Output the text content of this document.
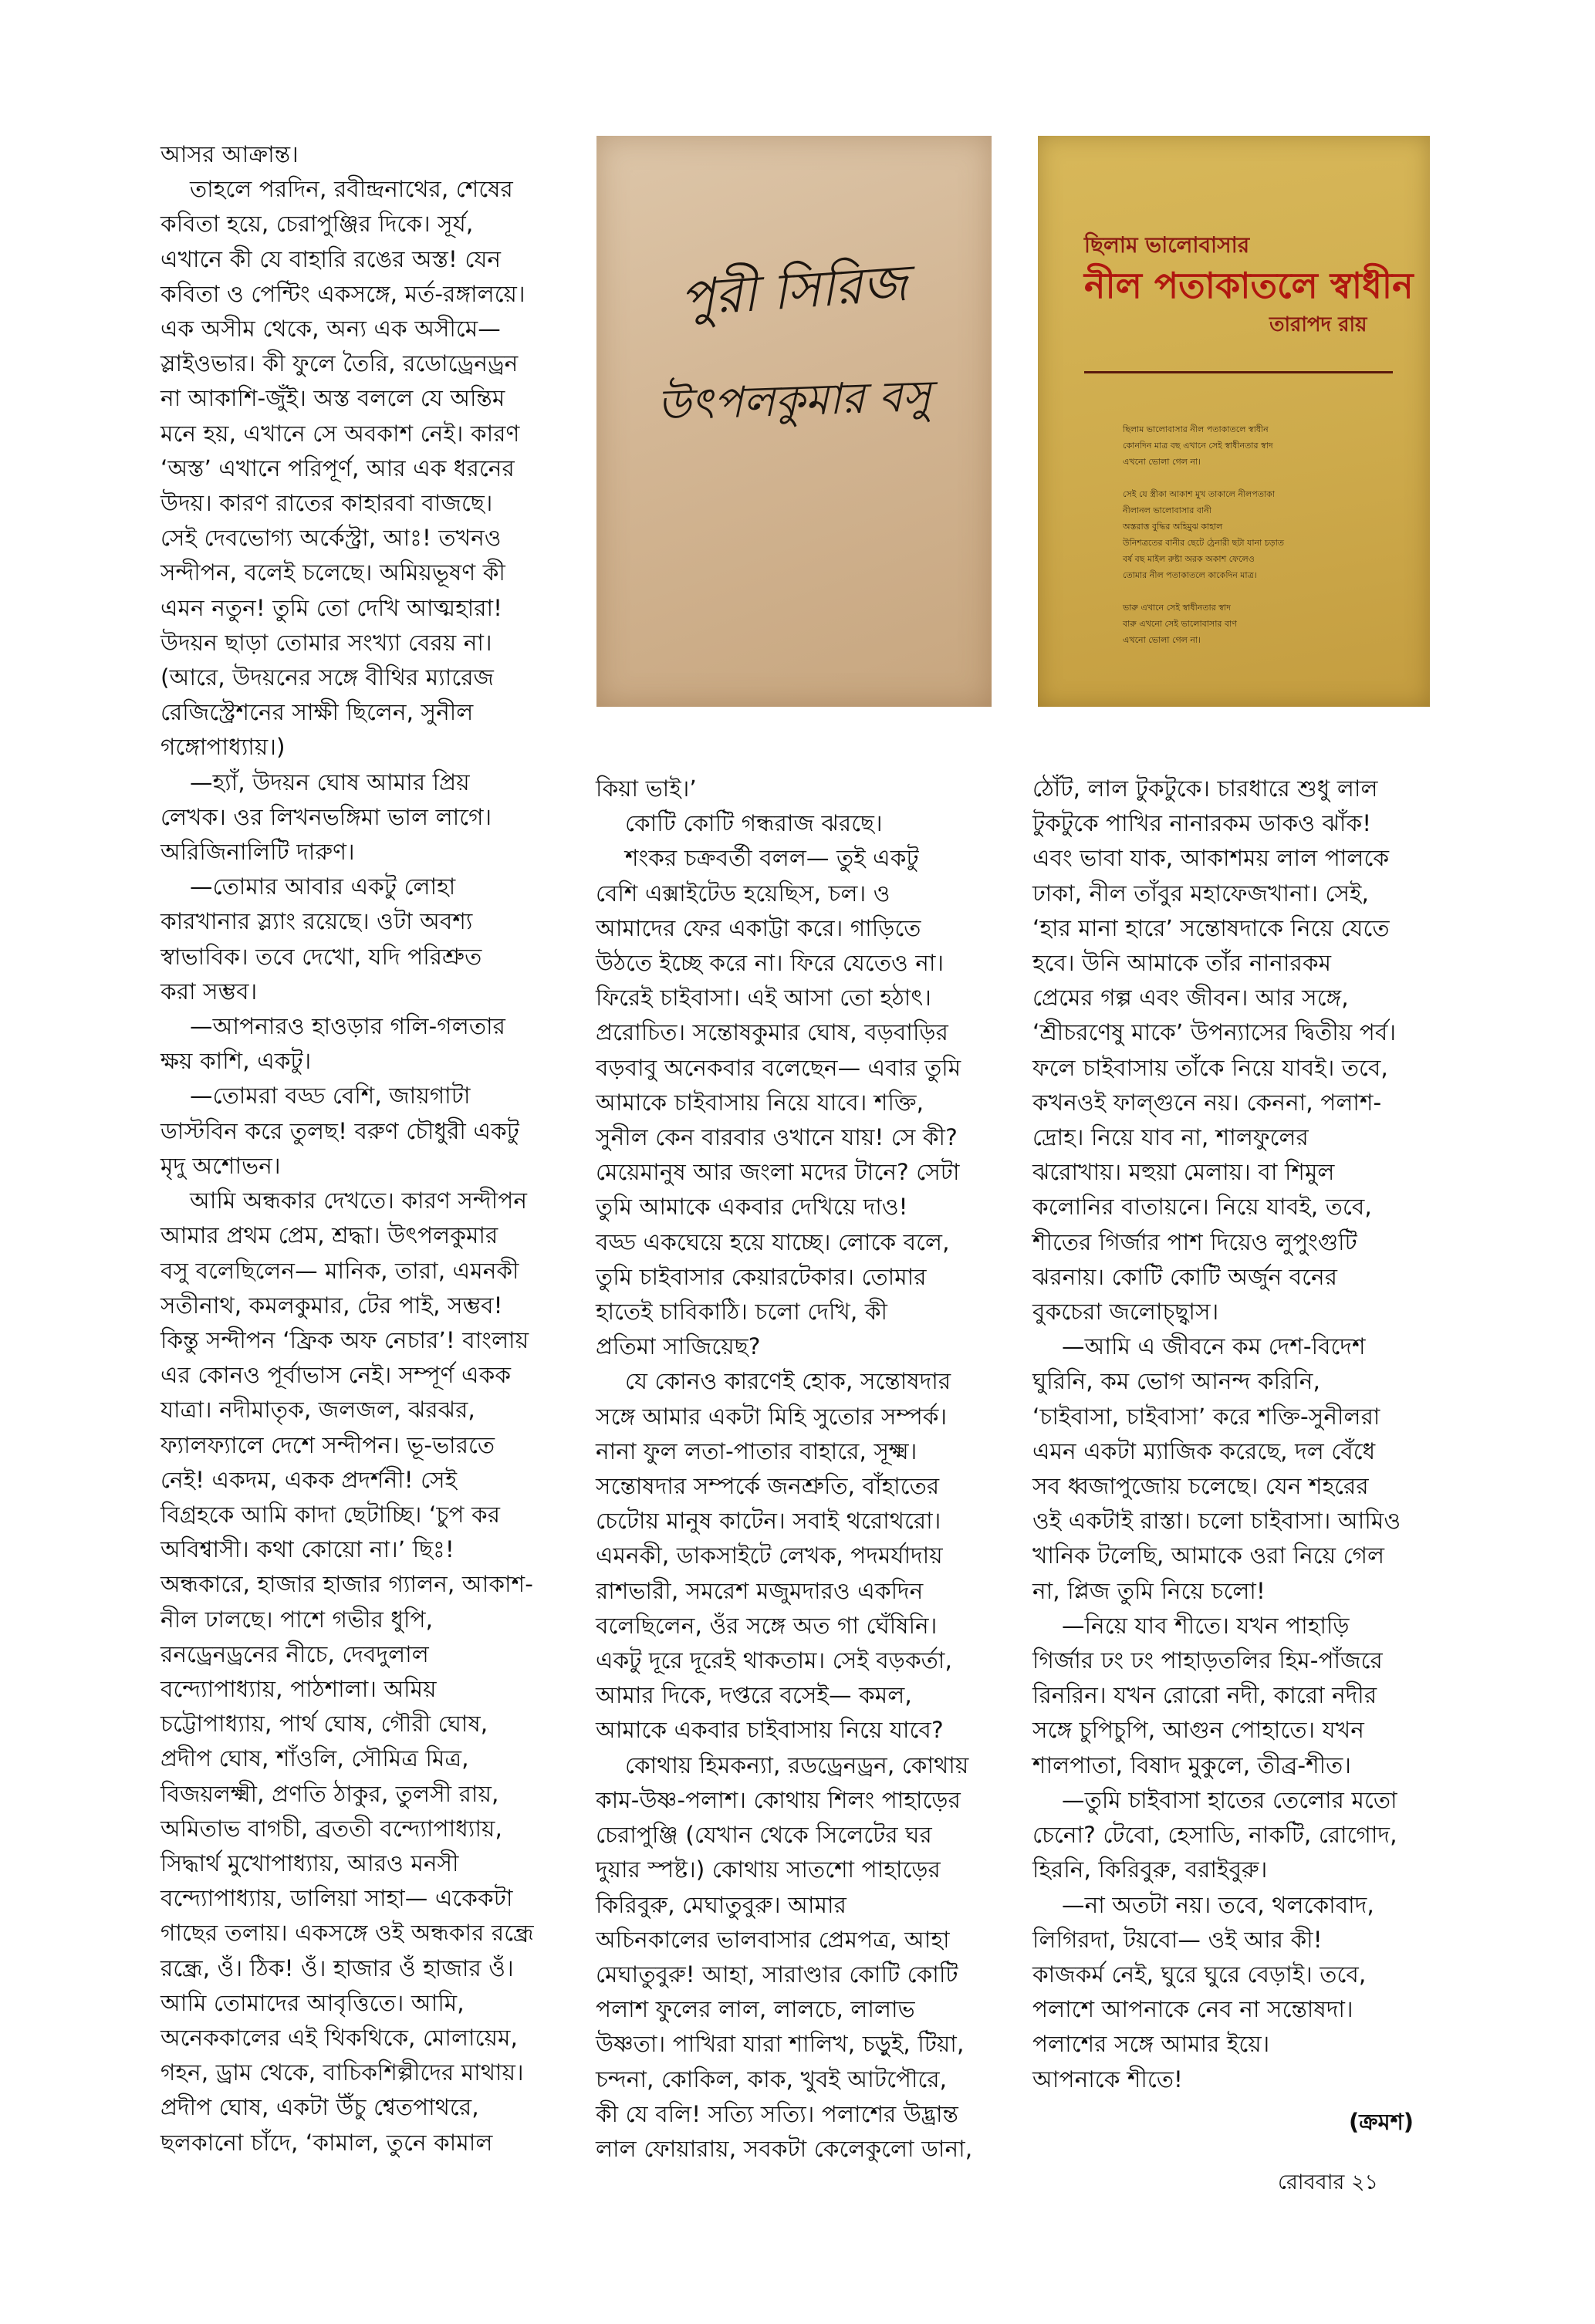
আসর আক্রান্ত।

তাহলে পরদিন, রবীন্দ্রনাথের, শেষের

কবিতা হয়ে, চেরাপুঞ্জির দিকে। সূর্য,

এখানে কী যে বাহারি রঙের অস্ত! যেন

কবিতা ও পেন্টিং একসঙ্গে, মর্ত-রঙ্গালয়ে।

এক অসীম থেকে, অন্য এক অসীমে—

স্লাইওভার। কী ফুলে তৈরি, রডোড্রেনড্রন

না আকাশি-জুঁই। অস্ত বললে যে অন্তিম

মনে হয়, এখানে সে অবকাশ নেই। কারণ

‘অস্ত’ এখানে পরিপূর্ণ, আর এক ধরনের

উদয়। কারণ রাতের কাহারবা বাজছে।

সেই দেবভোগ্য অর্কেস্ট্রা, আঃ! তখনও

সন্দীপন, বলেই চলেছে। অমিয়ভূষণ কী

এমন নতুন! তুমি তো দেখি আত্মহারা!

উদয়ন ছাড়া তোমার সংখ্যা বেরয় না।

(আরে, উদয়নের সঙ্গে বীথির ম্যারেজ

রেজিস্ট্রেশনের সাক্ষী ছিলেন, সুনীল

গঙ্গোপাধ্যায়।)

—হ্যাঁ, উদয়ন ঘোষ আমার প্রিয়

লেখক। ওর লিখনভঙ্গিমা ভাল লাগে।

অরিজিনালিটি দারুণ।

—তোমার আবার একটু লোহা

কারখানার স্ল্যাং রয়েছে। ওটা অবশ্য

স্বাভাবিক। তবে দেখো, যদি পরিশ্রুত

করা সম্ভব।

—আপনারও হাওড়ার গলি-গলতার

ক্ষয় কাশি, একটু।

—তোমরা বড্ড বেশি, জায়গাটা

ডাস্টবিন করে তুলছ! বরুণ চৌধুরী একটু

মৃদু অশোভন।

আমি অন্ধকার দেখতে। কারণ সন্দীপন

আমার প্রথম প্রেম, শ্রদ্ধা। উৎপলকুমার

বসু বলেছিলেন— মানিক, তারা, এমনকী

সতীনাথ, কমলকুমার, টের পাই, সম্ভব!

কিন্তু সন্দীপন ‘ফ্রিক অফ নেচার’! বাংলায়

এর কোনও পূর্বাভাস নেই। সম্পূর্ণ একক

যাত্রা। নদীমাতৃক, জলজল, ঝরঝর,

ফ্যালফ্যালে দেশে সন্দীপন। ভূ-ভারতে

নেই! একদম, একক প্রদর্শনী! সেই

বিগ্রহকে আমি কাদা ছেটাচ্ছি। ‘চুপ কর

অবিশ্বাসী। কথা কোয়ো না।’ ছিঃ!

অন্ধকারে, হাজার হাজার গ্যালন, আকাশ-

নীল ঢালছে। পাশে গভীর ধুপি,

রনড্রেনড্রনের নীচে, দেবদুলাল

বন্দ্যোপাধ্যায়, পাঠশালা। অমিয়

চট্টোপাধ্যায়, পার্থ ঘোষ, গৌরী ঘোষ,

প্রদীপ ঘোষ, শাঁওলি, সৌমিত্র মিত্র,

বিজয়লক্ষ্মী, প্রণতি ঠাকুর, তুলসী রায়,

অমিতাভ বাগচী, ব্রততী বন্দ্যোপাধ্যায়,

সিদ্ধার্থ মুখোপাধ্যায়, আরও মনসী

বন্দ্যোপাধ্যায়, ডালিয়া সাহা— একেকটা

গাছের তলায়। একসঙ্গে ওই অন্ধকার রন্ধ্রে

রন্ধ্রে, ওঁ। ঠিক! ওঁ। হাজার ওঁ হাজার ওঁ।

আমি তোমাদের আবৃত্তিতে। আমি,

অনেককালের এই থিকথিকে, মোলায়েম,

গহন, ড্রাম থেকে, বাচিকশিল্পীদের মাথায়।

প্রদীপ ঘোষ, একটা উঁচু শ্বেতপাথরে,

ছলকানো চাঁদে, ‘কামাল, তুনে কামাল

পুরী সিরিজ
উৎপলকুমার বসু
ছিলাম ভালোবাসার
নীল পতাকাতলে স্বাধীন
তারাপদ রায়
ছিলাম ভালোবাসার নীল পতাকাতলে স্বাধীন
কোনদিন মাত্র বছ এখানে সেই স্বাধীনতার স্বাদ
এখনো ভোলা গেল না।

সেই যে স্ত্রীকা আকাশ মুখ তাকালে নীলপতাকা
নীলানল ভালোবাসার বানী
অস্তরাত্ত বুদ্ধির অহিমুঝ কাহাল
উনিশত্রতের বানীর ছেটে ঠ্রেনারী ছটা যানা চড়াত
বর্ষ বছ মাইল রুষ্টা অরক অকাশ ফেলেও
তোমার নীল পতাকাতলে কাকেদিন মাত্র।

ভারু এখানে সেই স্বাধীনতার স্বাদ
বারু এখনো সেই ভালোবাসার বাণ
এখনো ভোলা গেল না।

কিয়া ভাই।’

কোটি কোটি গন্ধরাজ ঝরছে।

শংকর চক্রবর্তী বলল— তুই একটু

বেশি এক্সাইটেড হয়েছিস, চল। ও

আমাদের ফের একাট্টা করে। গাড়িতে

উঠতে ইচ্ছে করে না। ফিরে যেতেও না।

ফিরেই চাইবাসা। এই আসা তো হঠাৎ।

প্ররোচিত। সন্তোষকুমার ঘোষ, বড়বাড়ির

বড়বাবু অনেকবার বলেছেন— এবার তুমি

আমাকে চাইবাসায় নিয়ে যাবে। শক্তি,

সুনীল কেন বারবার ওখানে যায়! সে কী?

মেয়েমানুষ আর জংলা মদের টানে? সেটা

তুমি আমাকে একবার দেখিয়ে দাও!

বড্ড একঘেয়ে হয়ে যাচ্ছে। লোকে বলে,

তুমি চাইবাসার কেয়ারটেকার। তোমার

হাতেই চাবিকাঠি। চলো দেখি, কী

প্রতিমা সাজিয়েছ?

যে কোনও কারণেই হোক, সন্তোষদার

সঙ্গে আমার একটা মিহি সুতোর সম্পর্ক।

নানা ফুল লতা-পাতার বাহারে, সূক্ষ্ম।

সন্তোষদার সম্পর্কে জনশ্রুতি, বাঁহাতের

চেটোয় মানুষ কাটেন। সবাই থরোথরো।

এমনকী, ডাকসাইটে লেখক, পদমর্যাদায়

রাশভারী, সমরেশ মজুমদারও একদিন

বলেছিলেন, ওঁর সঙ্গে অত গা ঘেঁষিনি।

একটু দূরে দূরেই থাকতাম। সেই বড়কর্তা,

আমার দিকে, দপ্তরে বসেই— কমল,

আমাকে একবার চাইবাসায় নিয়ে যাবে?

কোথায় হিমকন্যা, রডড্রেনড্রন, কোথায়

কাম-উষ্ণ-পলাশ। কোথায় শিলং পাহাড়ের

চেরাপুঞ্জি (যেখান থেকে সিলেটের ঘর

দুয়ার স্পষ্ট।) কোথায় সাতশো পাহাড়ের

কিরিবুরু, মেঘাতুবুরু। আমার

অচিনকালের ভালবাসার প্রেমপত্র, আহা

মেঘাতুবুরু! আহা, সারাণ্ডার কোটি কোটি

পলাশ ফুলের লাল, লালচে, লালাভ

উষ্ণতা। পাখিরা যারা শালিখ, চড়ুই, টিয়া,

চন্দনা, কোকিল, কাক, খুবই আটপৌরে,

কী যে বলি! সত্যি সত্যি। পলাশের উদ্ভ্রান্ত

লাল ফোয়ারায়, সবকটা কেলেকুলো ডানা,

ঠোঁট, লাল টুকটুকে। চারধারে শুধু লাল

টুকটুকে পাখির নানারকম ডাকও ঝাঁক!

এবং ভাবা যাক, আকাশময় লাল পালকে

ঢাকা, নীল তাঁবুর মহাফেজখানা। সেই,

‘হার মানা হারে’ সন্তোষদাকে নিয়ে যেতে

হবে। উনি আমাকে তাঁর নানারকম

প্রেমের গল্প এবং জীবন। আর সঙ্গে,

‘শ্রীচরণেষু মাকে’ উপন্যাসের দ্বিতীয় পর্ব।

ফলে চাইবাসায় তাঁকে নিয়ে যাবই। তবে,

কখনওই ফাল্গুনে নয়। কেননা, পলাশ-

দ্রোহ। নিয়ে যাব না, শালফুলের

ঝরোখায়। মহুয়া মেলায়। বা শিমুল

কলোনির বাতায়নে। নিয়ে যাবই, তবে,

শীতের গির্জার পাশ দিয়েও লুপুংগুটি

ঝরনায়। কোটি কোটি অর্জুন বনের

বুকচেরা জলোচ্ছ্বাস।

—আমি এ জীবনে কম দেশ-বিদেশ

ঘুরিনি, কম ভোগ আনন্দ করিনি,

‘চাইবাসা, চাইবাসা’ করে শক্তি-সুনীলরা

এমন একটা ম্যাজিক করেছে, দল বেঁধে

সব ধ্বজাপুজোয় চলেছে। যেন শহরের

ওই একটাই রাস্তা। চলো চাইবাসা। আমিও

খানিক টলেছি, আমাকে ওরা নিয়ে গেল

না, প্লিজ তুমি নিয়ে চলো!

—নিয়ে যাব শীতে। যখন পাহাড়ি

গির্জার ঢং ঢং পাহাড়তলির হিম-পাঁজরে

রিনরিন। যখন রোরো নদী, কারো নদীর

সঙ্গে চুপিচুপি, আগুন পোহাতে। যখন

শালপাতা, বিষাদ মুকুলে, তীব্র-শীত।

—তুমি চাইবাসা হাতের তেলোর মতো

চেনো? টেবো, হেসাডি, নাকটি, রোগোদ,

হিরনি, কিরিবুরু, বরাইবুরু।

—না অতটা নয়। তবে, থলকোবাদ,

লিগিরদা, টয়বো— ওই আর কী!

কাজকর্ম নেই, ঘুরে ঘুরে বেড়াই। তবে,

পলাশে আপনাকে নেব না সন্তোষদা।

পলাশের সঙ্গে আমার ইয়ে।

আপনাকে শীতে!

(ক্রমশ)
রোববার ২১
